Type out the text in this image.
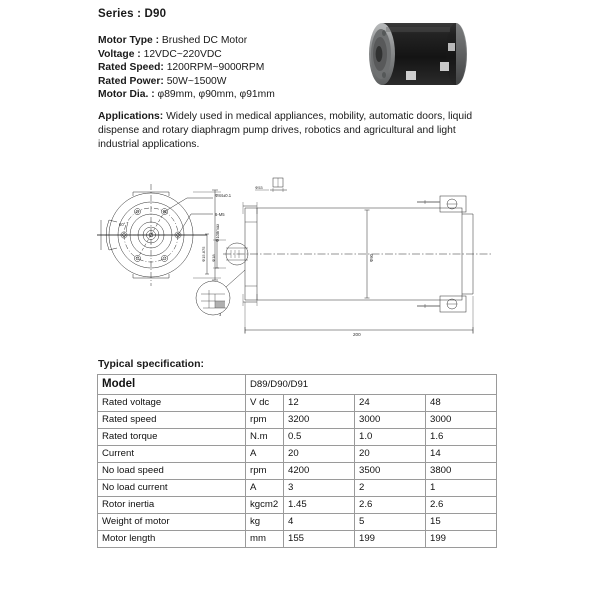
Series : D90
Motor Type : Brushed DC Motor
Voltage : 12VDC~220VDC
Rated Speed: 1200RPM~9000RPM
Rated Power: 50W~1500W
Motor Dia. : φ89mm, φ90mm, φ91mm
Applications: Widely used in medical appliances, mobility, automatic doors, liquid dispense and rotary diaphragm pump drives, robotics and agricultural and light industrial applications.
Φ84±0.1
6-M5
60°	Φ108max
200
Φ90
Φ15.875 Φ18
Φ53
3
Typical specification:
Model	D89/D90/D91			
Rated voltage	V dc	12	24	48
Rated speed	rpm	3200	3000	3000
Rated torque	N.m	0.5	1.0	1.6
Current	A	20	20	14
No load speed	rpm	4200	3500	3800
No load current	A	3	2	1
Rotor inertia	kgcm2	1.45	2.6	2.6
Weight of motor	kg	4	5	15
Motor length	mm	155	199	199
